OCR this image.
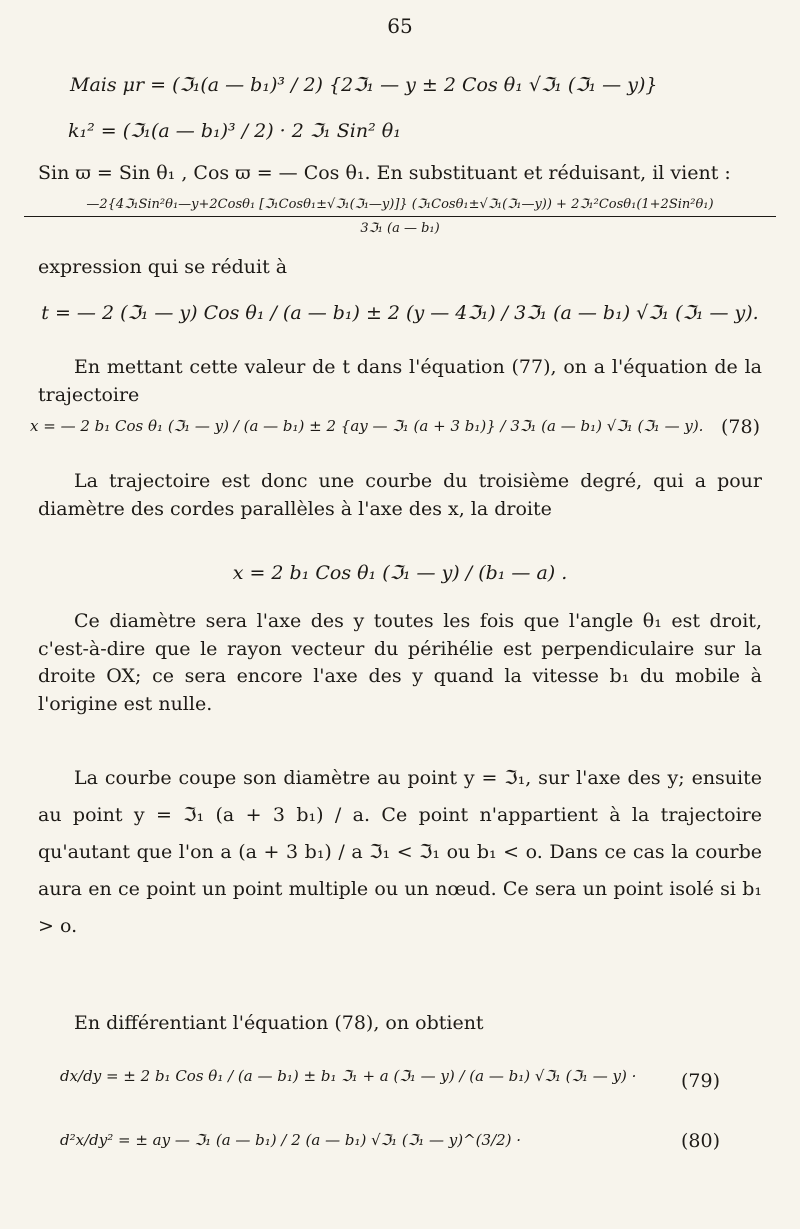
65
Mais μr = (ℑ₁(a — b₁)³ / 2) {2ℑ₁ — y ± 2 Cos θ₁ √ℑ₁ (ℑ₁ — y)}
k₁² = (ℑ₁(a — b₁)³ / 2) · 2 ℑ₁ Sin² θ₁
Sin ϖ = Sin θ₁ , Cos ϖ = — Cos θ₁. En substituant et réduisant, il vient :
—2{4ℑ₁Sin²θ₁—y+2Cosθ₁ [ℑ₁Cosθ₁±√ℑ₁(ℑ₁—y)]} (ℑ₁Cosθ₁±√ℑ₁(ℑ₁—y)) + 2ℑ₁²Cosθ₁(1+2Sin²θ₁)
3ℑ₁ (a — b₁)
expression qui se réduit à
t = — 2 (ℑ₁ — y) Cos θ₁ / (a — b₁) ± 2 (y — 4ℑ₁) / 3ℑ₁ (a — b₁) √ℑ₁ (ℑ₁ — y).

En mettant cette valeur de t dans l'équation (77), on a l'équation de la trajectoire

x = — 2 b₁ Cos θ₁ (ℑ₁ — y) / (a — b₁) ± 2 {ay — ℑ₁ (a + 3 b₁)} / 3ℑ₁ (a — b₁) √ℑ₁ (ℑ₁ — y). (78)

La trajectoire est donc une courbe du troisième degré, qui a pour diamètre des cordes parallèles à l'axe des x, la droite

x = 2 b₁ Cos θ₁ (ℑ₁ — y) / (b₁ — a) .

Ce diamètre sera l'axe des y toutes les fois que l'angle θ₁ est droit, c'est-à-dire que le rayon vecteur du périhélie est perpendiculaire sur la droite OX; ce sera encore l'axe des y quand la vitesse b₁ du mobile à l'origine est nulle.

La courbe coupe son diamètre au point y = ℑ₁, sur l'axe des y; ensuite au point y = ℑ₁ (a + 3 b₁) / a. Ce point n'appartient à la trajectoire qu'autant que l'on a (a + 3 b₁) / a ℑ₁ < ℑ₁ ou b₁ < o. Dans ce cas la courbe aura en ce point un point multiple ou un nœud. Ce sera un point isolé si b₁ > o.

En différentiant l'équation (78), on obtient

dx/dy = ± 2 b₁ Cos θ₁ / (a — b₁) ± b₁ ℑ₁ + a (ℑ₁ — y) / (a — b₁) √ℑ₁ (ℑ₁ — y) ·	(79)
d²x/dy² = ± ay — ℑ₁ (a — b₁) / 2 (a — b₁) √ℑ₁ (ℑ₁ — y)^(3/2) ·	(80)
